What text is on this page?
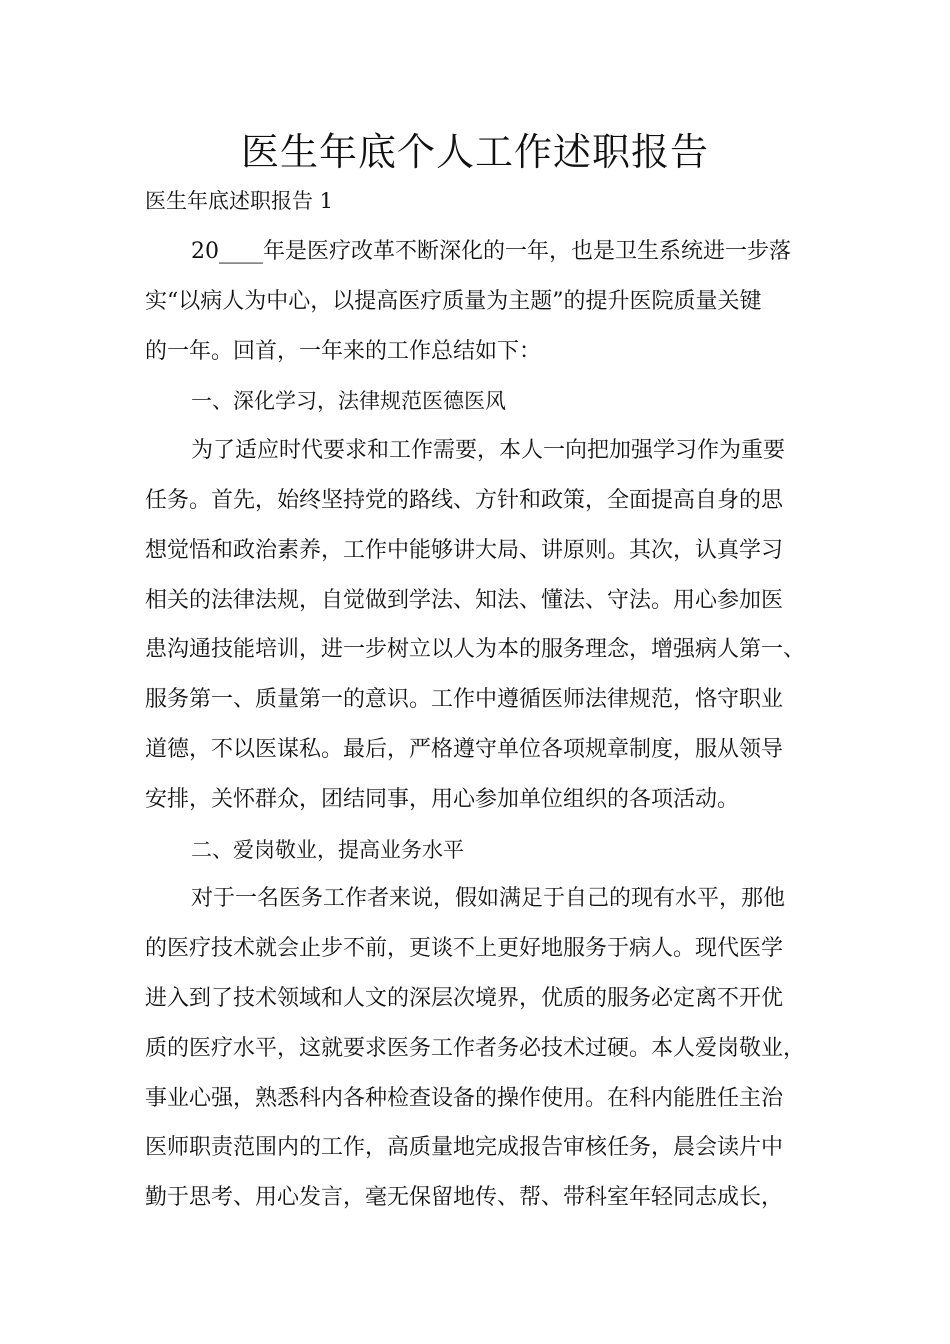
医生年底个人工作述职报告

医生年底述职报告 1

20____年是医疗改革不断深化的一年，也是卫生系统进一步落

实“以病人为中心，以提高医疗质量为主题”的提升医院质量关键

的一年。回首，一年来的工作总结如下：

一、深化学习，法律规范医德医风

为了适应时代要求和工作需要，本人一向把加强学习作为重要

任务。首先，始终坚持党的路线、方针和政策，全面提高自身的思

想觉悟和政治素养，工作中能够讲大局、讲原则。其次，认真学习

相关的法律法规，自觉做到学法、知法、懂法、守法。用心参加医

患沟通技能培训，进一步树立以人为本的服务理念，增强病人第一、

服务第一、质量第一的意识。工作中遵循医师法律规范，恪守职业

道德，不以医谋私。最后，严格遵守单位各项规章制度，服从领导

安排，关怀群众，团结同事，用心参加单位组织的各项活动。

二、爱岗敬业，提高业务水平

对于一名医务工作者来说，假如满足于自己的现有水平，那他

的医疗技术就会止步不前，更谈不上更好地服务于病人。现代医学

进入到了技术领域和人文的深层次境界，优质的服务必定离不开优

质的医疗水平，这就要求医务工作者务必技术过硬。本人爱岗敬业，

事业心强，熟悉科内各种检查设备的操作使用。在科内能胜任主治

医师职责范围内的工作，高质量地完成报告审核任务，晨会读片中

勤于思考、用心发言，毫无保留地传、帮、带科室年轻同志成长，
